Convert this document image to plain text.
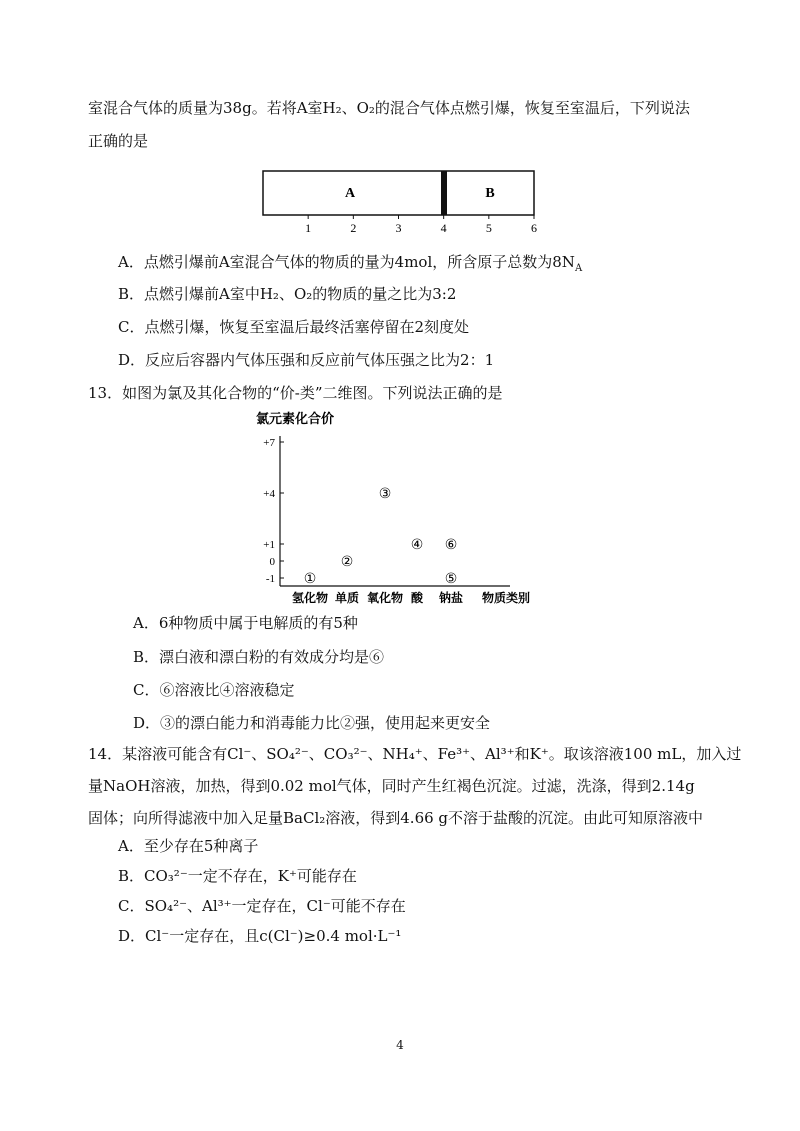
室混合气体的质量为38g。若将A室H₂、O₂的混合气体点燃引爆，恢复至室温后，下列说法
正确的是
A	B
1	2	3	4	5	6
A．点燃引爆前A室混合气体的物质的量为4mol，所含原子总数为$8N_A$
B．点燃引爆前A室中H₂、O₂的物质的量之比为3:2
C．点燃引爆，恢复至室温后最终活塞停留在2刻度处
D．反应后容器内气体压强和反应前气体压强之比为2：1
13．如图为氯及其化合物的“价-类”二维图。下列说法正确的是
氯元素化合价
+7
+4
+1
0
-1
氢化物 单质 氧化物 酸 钠盐
①
②
③
④
⑤
⑥
物质类别
A．6种物质中属于电解质的有5种
B．漂白液和漂白粉的有效成分均是⑥
C．⑥溶液比④溶液稳定
D．③的漂白能力和消毒能力比②强，使用起来更安全
14．某溶液可能含有Cl⁻、SO₄²⁻、CO₃²⁻、NH₄⁺、Fe³⁺、Al³⁺和K⁺。取该溶液100 mL，加入过
量NaOH溶液，加热，得到0.02 mol气体，同时产生红褐色沉淀。过滤，洗涤，得到2.14g
固体；向所得滤液中加入足量BaCl₂溶液，得到4.66 g不溶于盐酸的沉淀。由此可知原溶液中
A．至少存在5种离子
B．CO₃²⁻一定不存在，K⁺可能存在
C．SO₄²⁻、Al³⁺一定存在，Cl⁻可能不存在
D．Cl⁻一定存在，且c(Cl⁻)≥0.4 mol·L⁻¹
4
